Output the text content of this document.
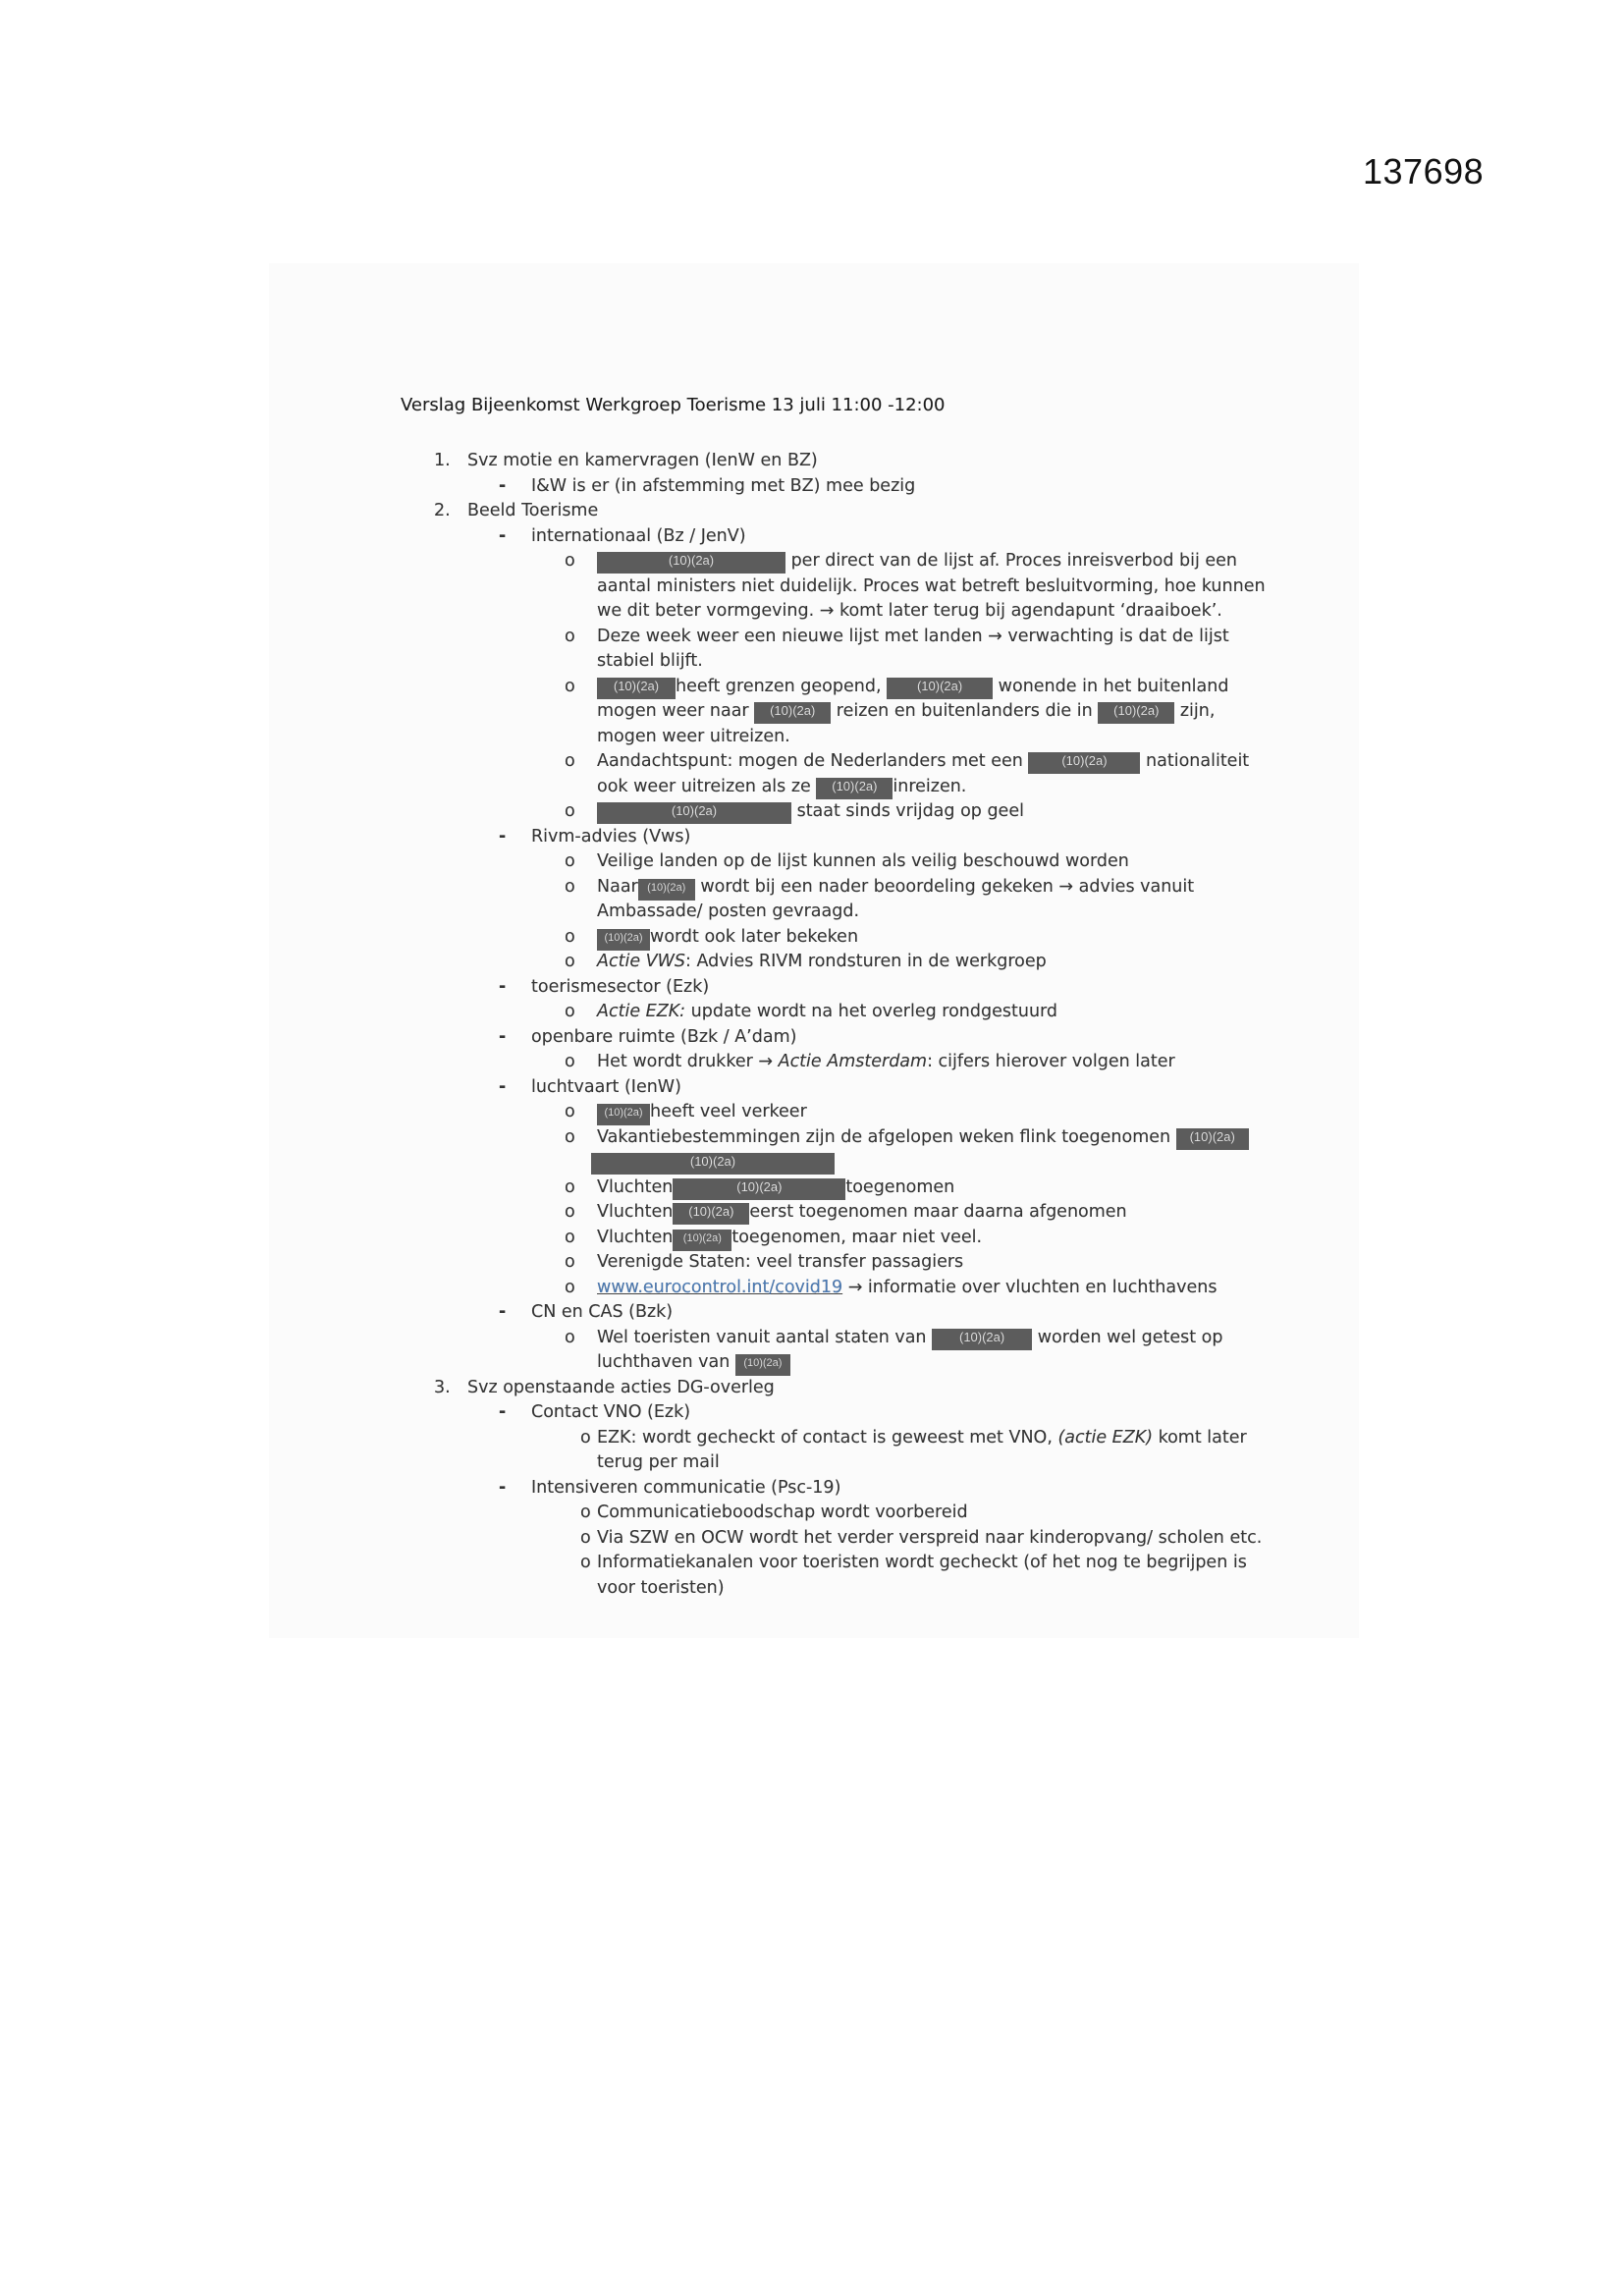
137698
Verslag Bijeenkomst Werkgroep Toerisme 13 juli 11:00 -12:00
1. Svz motie en kamervragen (IenW en BZ)
- I&W is er (in afstemming met BZ) mee bezig
2. Beeld Toerisme
- internationaal (Bz / JenV)
o	(10)(2a)	per direct van de lijst af. Proces inreisverbod bij een
aantal ministers niet duidelijk. Proces wat betreft besluitvorming, hoe kunnen
we dit beter vormgeving. → komt later terug bij agendapunt ‘draaiboek’.
o Deze week weer een nieuwe lijst met landen → verwachting is dat de lijst
stabiel blijft.
o	(10)(2a) heeft grenzen geopend,	(10)(2a) wonende in het buitenland
mogen weer naar (10)(2a) reizen en buitenlanders die in (10)(2a) zijn,
mogen weer uitreizen.
o Aandachtspunt: mogen de Nederlanders met een	(10)(2a) nationaliteit
ook weer uitreizen als ze (10)(2a) inreizen.
o	(10)(2a)	staat sinds vrijdag op geel
- Rivm-advies (Vws)
o Veilige landen op de lijst kunnen als veilig beschouwd worden
o Naar (10)(2a) wordt bij een nader beoordeling gekeken → advies vanuit
Ambassade/ posten gevraagd.
o	(10)(2a) wordt ook later bekeken
o Actie VWS: Advies RIVM rondsturen in de werkgroep
- toerismesector (Ezk)
o Actie EZK: update wordt na het overleg rondgestuurd
- openbare ruimte (Bzk / A’dam)
o Het wordt drukker → Actie Amsterdam: cijfers hierover volgen later
- luchtvaart (IenW)
o	(10)(2a) heeft veel verkeer
o Vakantiebestemmingen zijn de afgelopen weken flink toegenomen (10)(2a)
(10)(2a)
o Vluchten	(10)(2a)	toegenomen
o Vluchten (10)(2a) eerst toegenomen maar daarna afgenomen
o Vluchten (10)(2a) toegenomen, maar niet veel.
o Verenigde Staten: veel transfer passagiers
o www.eurocontrol.int/covid19 → informatie over vluchten en luchthavens
- CN en CAS (Bzk)
o Wel toeristen vanuit aantal staten van	(10)(2a) worden wel getest op
luchthaven van (10)(2a)
3. Svz openstaande acties DG-overleg
- Contact VNO (Ezk)
o EZK: wordt gecheckt of contact is geweest met VNO, (actie EZK) komt later
terug per mail
- Intensiveren communicatie (Psc-19)
o Communicatieboodschap wordt voorbereid
o Via SZW en OCW wordt het verder verspreid naar kinderopvang/ scholen etc.
o Informatiekanalen voor toeristen wordt gecheckt (of het nog te begrijpen is
voor toeristen)
